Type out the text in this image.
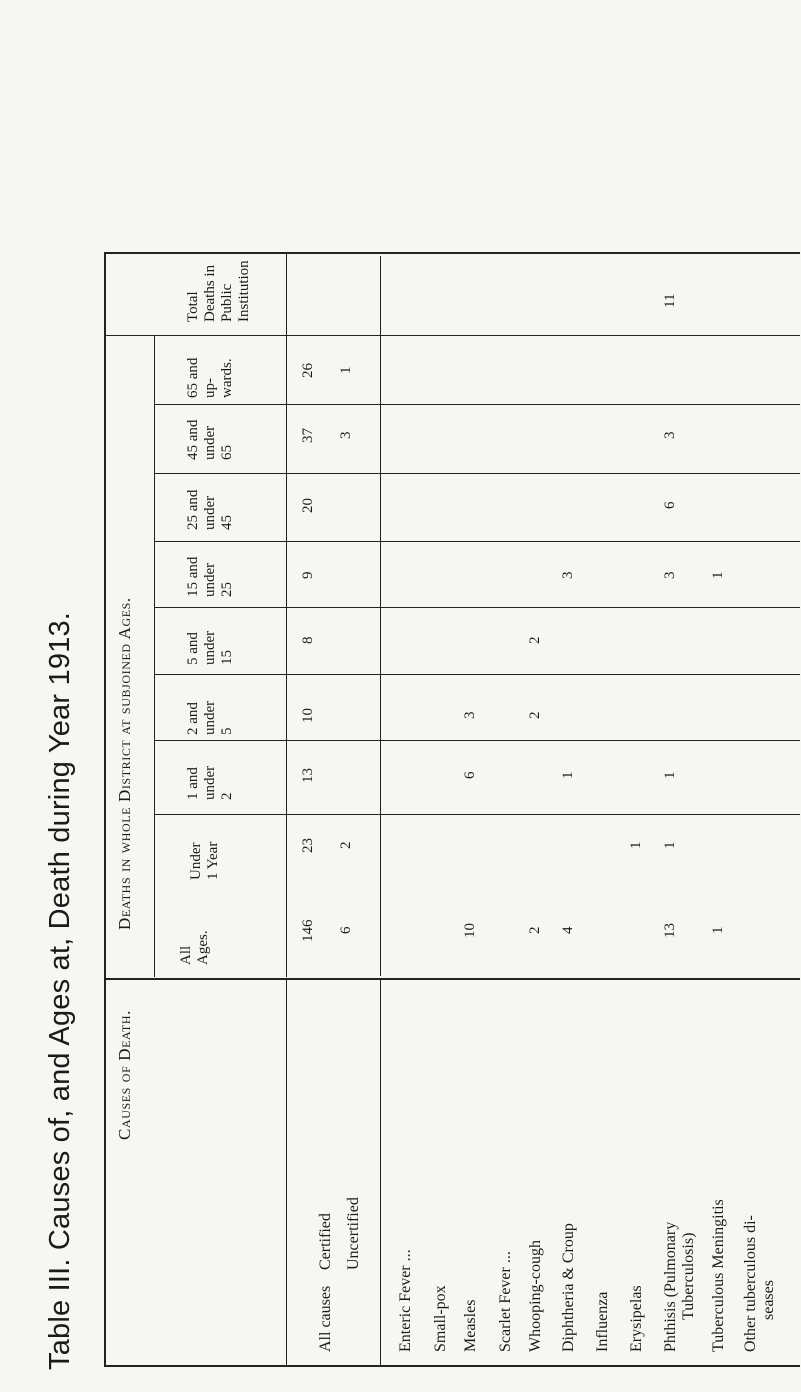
Table III. Causes of, and Ages at, Death during Year 1913. Causes of Death.
Deaths in whole District at subjoined Ages.
All Ages.
Under 1 Year
1 and under 2
2 and under 5
5 and under 15
15 and under 25
25 and under 45
45 and under 65
65 and up- wards.
Total Deaths in Public Institution
All causes	Enteric Fever ... Small-pox Measles Scarlet Fever ... Whooping-cough Diphtheria & Croup Influenza Erysipelas Phthisis (Pulmonary Tuberculosis) Tuberculous Meningitis Other tuberculous di- seases
Certified Uncertified
146
23
13
10
8
9
20
37
26
6
2
3
1
10
6
3
2
2
2
4
1
3
1
13
1
1
3
6
3
11
1
1
